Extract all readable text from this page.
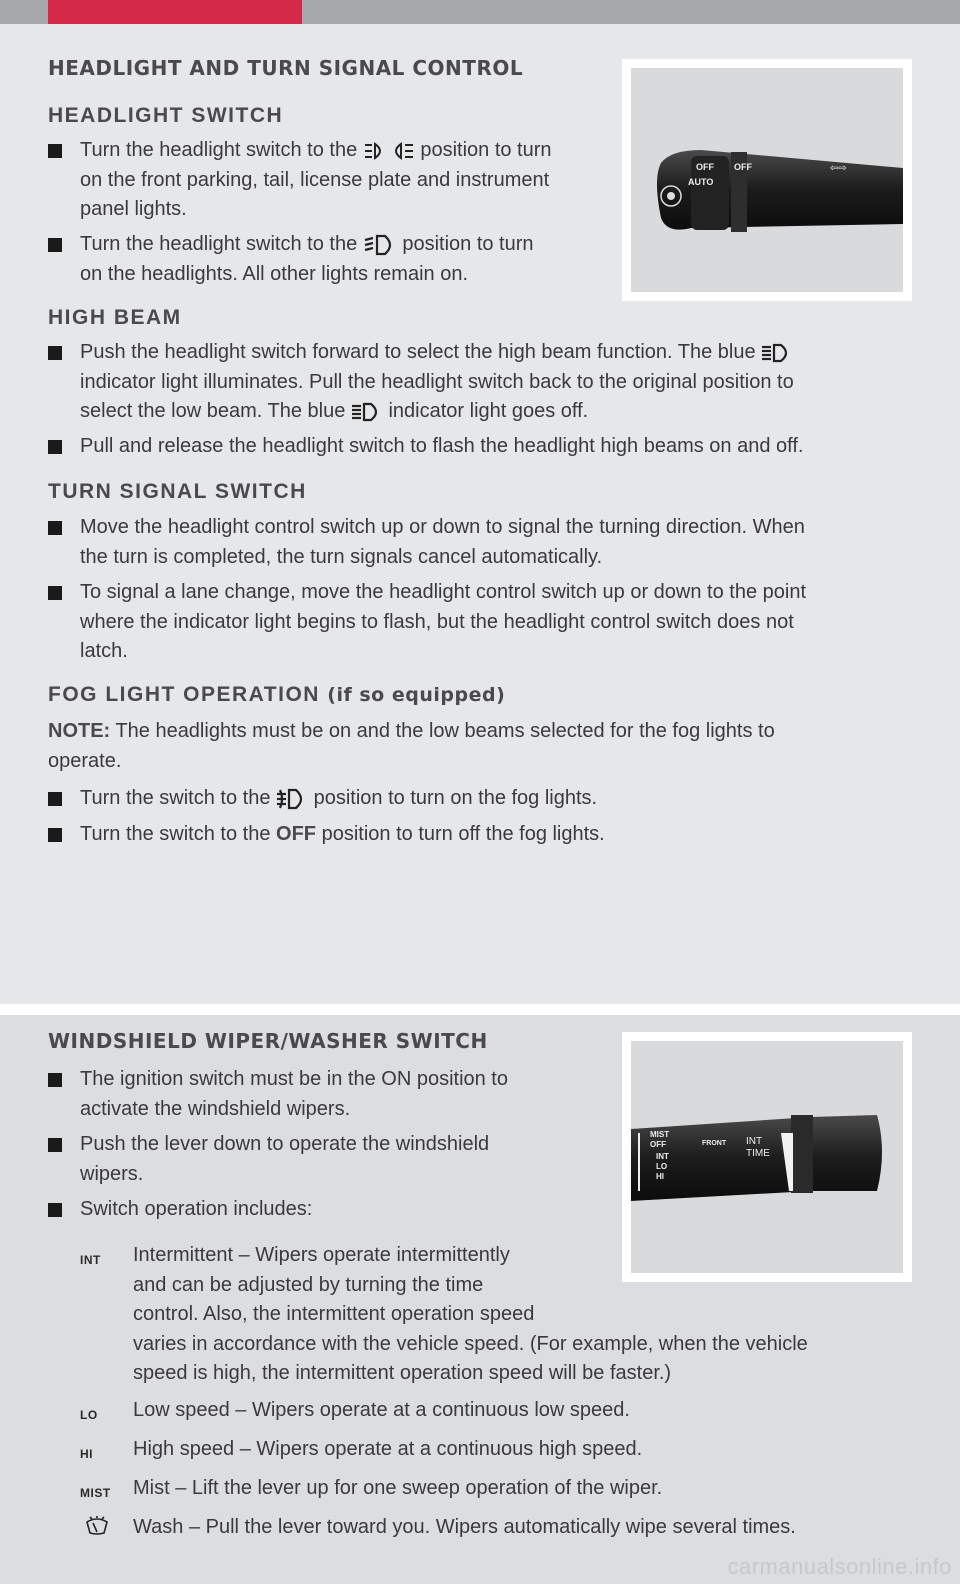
HEADLIGHT AND TURN SIGNAL CONTROL
HEADLIGHT SWITCH
Turn the headlight switch to the	position to turn
on the front parking, tail, license plate and instrument
panel lights.
Turn the headlight switch to the position to turn
on the headlights. All other lights remain on.
OFF OFF
AUTO
⇦⇨
HIGH BEAM
Push the headlight switch forward to select the high beam function. The blue
indicator light illuminates. Pull the headlight switch back to the original position to
select the low beam. The blue indicator light goes off.
Pull and release the headlight switch to flash the headlight high beams on and off.
TURN SIGNAL SWITCH
Move the headlight control switch up or down to signal the turning direction. When
the turn is completed, the turn signals cancel automatically.
To signal a lane change, move the headlight control switch up or down to the point
where the indicator light begins to flash, but the headlight control switch does not
latch.
FOG LIGHT OPERATION (if so equipped)
NOTE: The headlights must be on and the low beams selected for the fog lights to
operate.
Turn the switch to the position to turn on the fog lights.
Turn the switch to the OFF position to turn off the fog lights.
WINDSHIELD WIPER/WASHER SWITCH
The ignition switch must be in the ON position to
activate the windshield wipers.
Push the lever down to operate the windshield
wipers.
Switch operation includes:
MIST
OFF
INT
LO
HI
FRONT INT
TIME
INT Intermittent – Wipers operate intermittently
and can be adjusted by turning the time
control. Also, the intermittent operation speed
varies in accordance with the vehicle speed. (For example, when the vehicle
speed is high, the intermittent operation speed will be faster.)
LO Low speed – Wipers operate at a continuous low speed.
HI High speed – Wipers operate at a continuous high speed.
MIST Mist – Lift the lever up for one sweep operation of the wiper.
Wash – Pull the lever toward you. Wipers automatically wipe several times.
carmanualsonline.info
